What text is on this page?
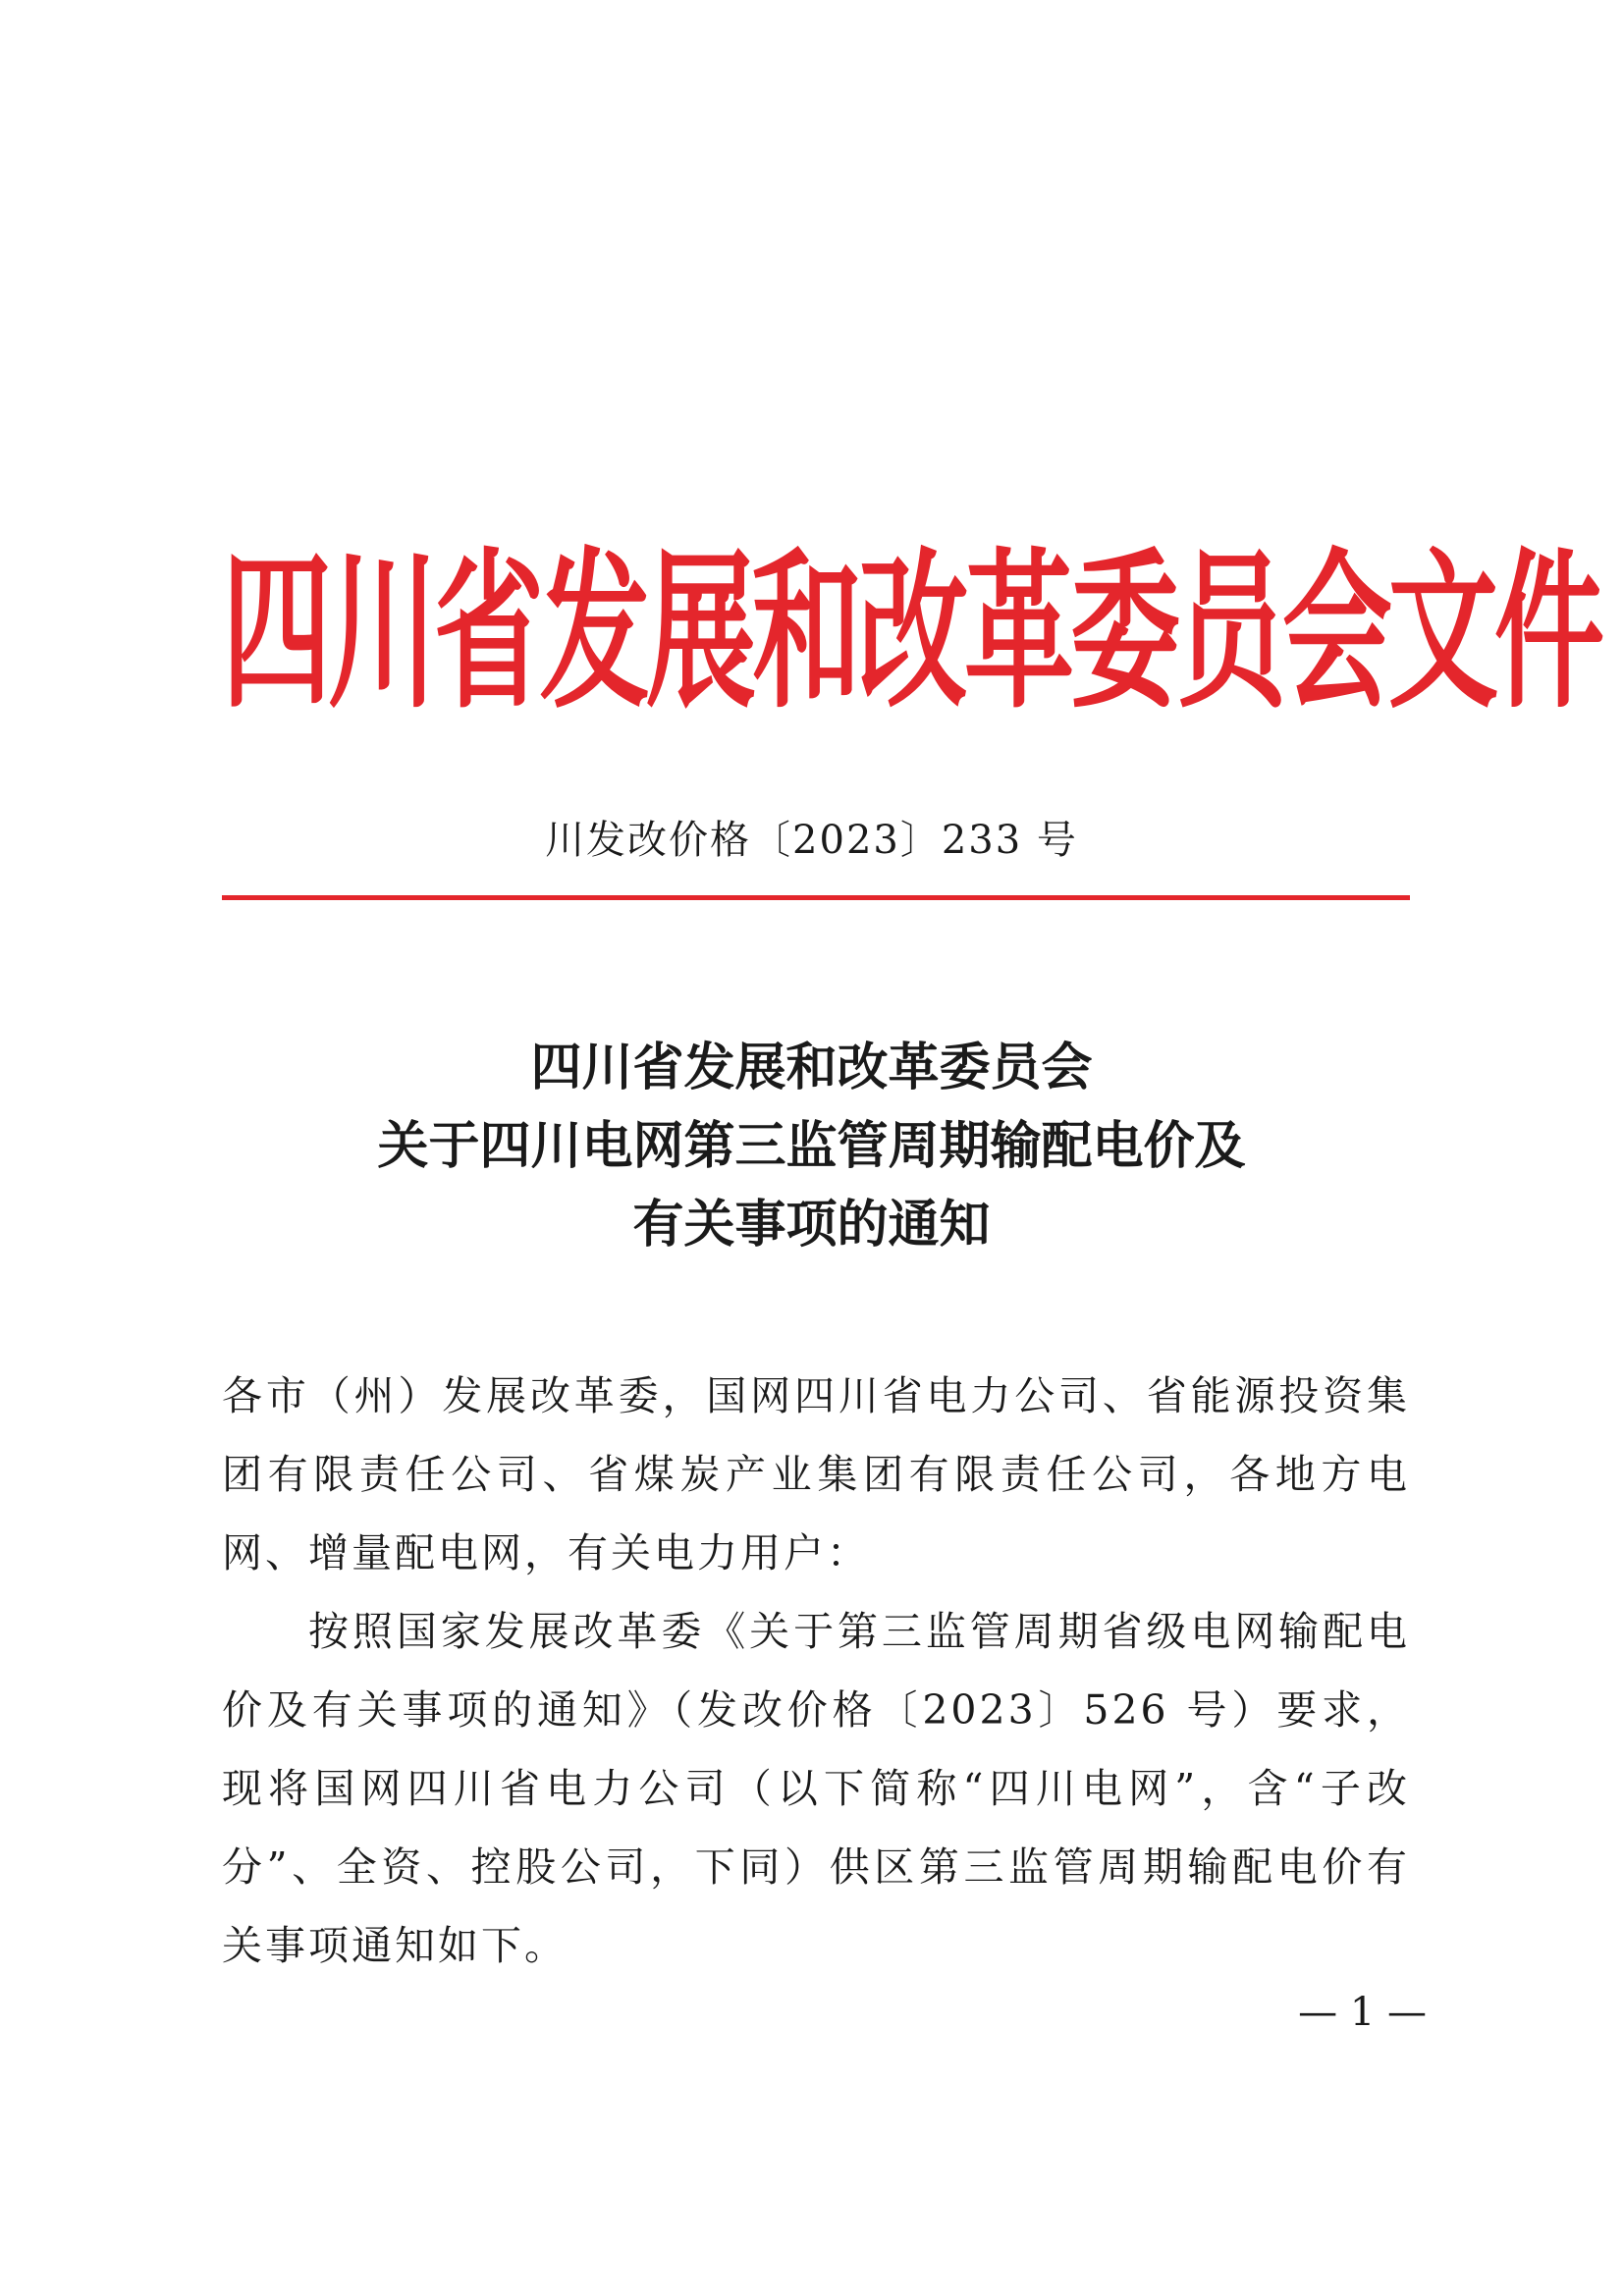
四川省发展和改革委员会文件
川发改价格〔2023〕233 号
四川省发展和改革委员会
关于四川电网第三监管周期输配电价及
有关事项的通知

各市（州）发展改革委，国网四川省电力公司、省能源投资集团有限责任公司、省煤炭产业集团有限责任公司，各地方电网、增量配电网，有关电力用户：

按照国家发展改革委《关于第三监管周期省级电网输配电价及有关事项的通知》（发改价格〔2023〕526 号）要求，现将国网四川省电力公司（以下简称“四川电网”，含“子改分”、全资、控股公司，下同）供区第三监管周期输配电价有关事项通知如下。

— 1 —
